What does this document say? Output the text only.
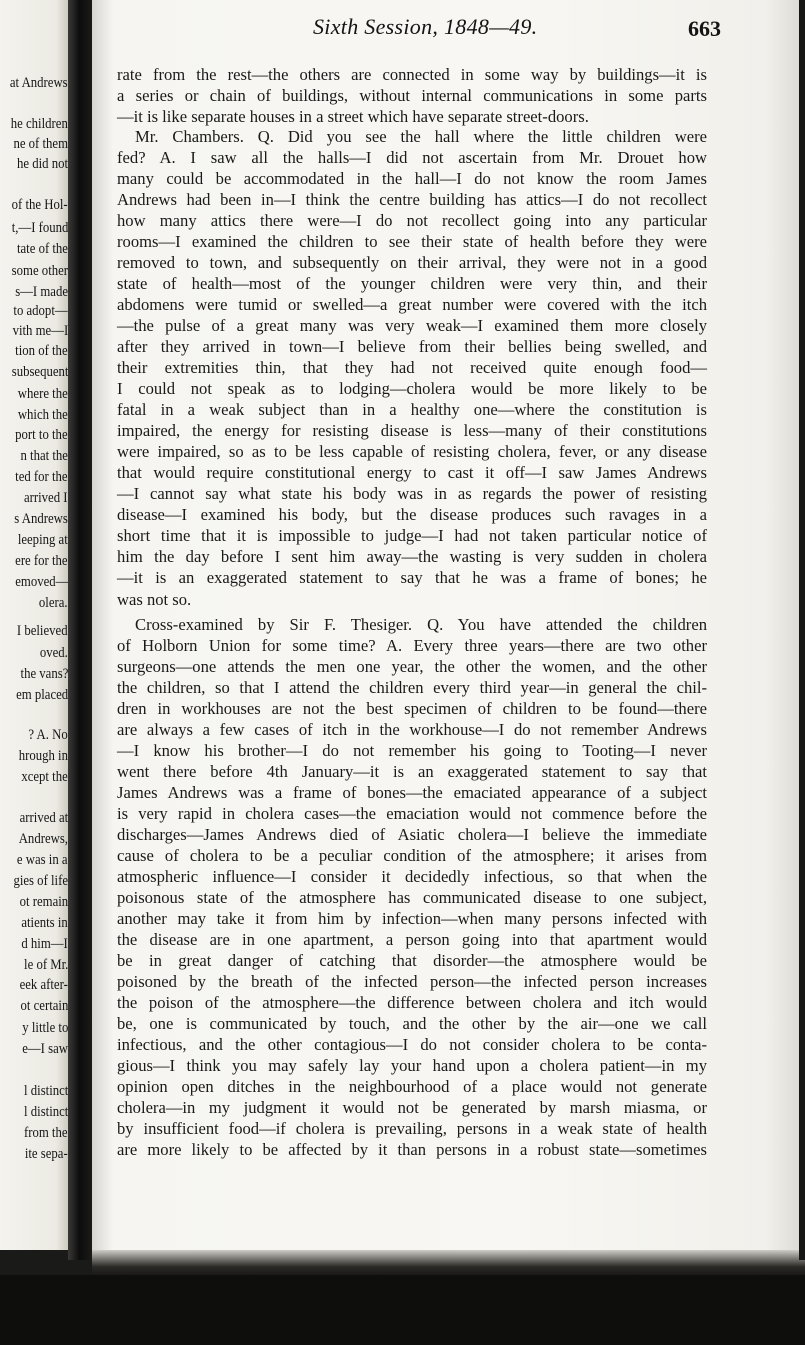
at Andrews
he children
ne of them
he did not
of the Hol-
t,—I found
tate of the
some other
s—I made
to adopt—
vith me—I
tion of the
subsequent
where the
which the
port to the
n that the
ted for the
arrived I
s Andrews
leeping at
ere for the
emoved—
olera.
I believed
oved.
the vans?
em placed
? A. No
hrough in
xcept the
arrived at
Andrews,
e was in a
gies of life
ot remain
atients in
d him—I
le of Mr.
eek after-
ot certain
y little to
e—I saw
l distinct
l distinct
from the
ite sepa-
Sixth Session, 1848—49.	663
rate from the rest—the others are connected in some way by buildings—it is
a series or chain of buildings, without internal communications in some parts
—it is like separate houses in a street which have separate street-doors.
Mr. Chambers. Q. Did you see the hall where the little children were
fed? A. I saw all the halls—I did not ascertain from Mr. Drouet how
many could be accommodated in the hall—I do not know the room James
Andrews had been in—I think the centre building has attics—I do not recollect
how many attics there were—I do not recollect going into any particular
rooms—I examined the children to see their state of health before they were
removed to town, and subsequently on their arrival, they were not in a good
state of health—most of the younger children were very thin, and their
abdomens were tumid or swelled—a great number were covered with the itch
—the pulse of a great many was very weak—I examined them more closely
after they arrived in town—I believe from their bellies being swelled, and
their extremities thin, that they had not received quite enough food—
I could not speak as to lodging—cholera would be more likely to be
fatal in a weak subject than in a healthy one—where the constitution is
impaired, the energy for resisting disease is less—many of their constitutions
were impaired, so as to be less capable of resisting cholera, fever, or any disease
that would require constitutional energy to cast it off—I saw James Andrews
—I cannot say what state his body was in as regards the power of resisting
disease—I examined his body, but the disease produces such ravages in a
short time that it is impossible to judge—I had not taken particular notice of
him the day before I sent him away—the wasting is very sudden in cholera
—it is an exaggerated statement to say that he was a frame of bones; he
was not so.
Cross-examined by Sir F. Thesiger. Q. You have attended the children
of Holborn Union for some time? A. Every three years—there are two other
surgeons—one attends the men one year, the other the women, and the other
the children, so that I attend the children every third year—in general the chil-
dren in workhouses are not the best specimen of children to be found—there
are always a few cases of itch in the workhouse—I do not remember Andrews
—I know his brother—I do not remember his going to Tooting—I never
went there before 4th January—it is an exaggerated statement to say that
James Andrews was a frame of bones—the emaciated appearance of a subject
is very rapid in cholera cases—the emaciation would not commence before the
discharges—James Andrews died of Asiatic cholera—I believe the immediate
cause of cholera to be a peculiar condition of the atmosphere; it arises from
atmospheric influence—I consider it decidedly infectious, so that when the
poisonous state of the atmosphere has communicated disease to one subject,
another may take it from him by infection—when many persons infected with
the disease are in one apartment, a person going into that apartment would
be in great danger of catching that disorder—the atmosphere would be
poisoned by the breath of the infected person—the infected person increases
the poison of the atmosphere—the difference between cholera and itch would
be, one is communicated by touch, and the other by the air—one we call
infectious, and the other contagious—I do not consider cholera to be conta-
gious—I think you may safely lay your hand upon a cholera patient—in my
opinion open ditches in the neighbourhood of a place would not generate
cholera—in my judgment it would not be generated by marsh miasma, or
by insufficient food—if cholera is prevailing, persons in a weak state of health
are more likely to be affected by it than persons in a robust state—sometimes
